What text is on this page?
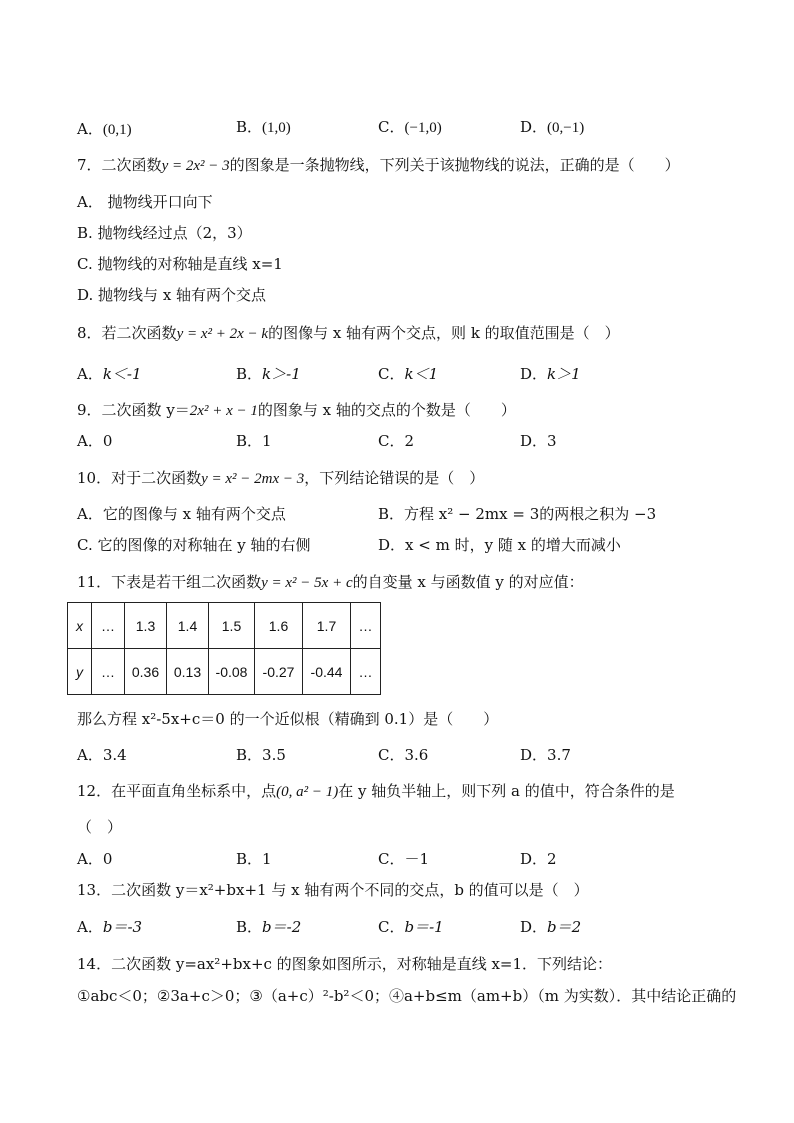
A．(0,1)	B．(1,0)	C．(−1,0)	D．(0,−1)
7．二次函数y = 2x² − 3的图象是一条抛物线，下列关于该抛物线的说法，正确的是（　　）
A． 抛物线开口向下
B. 抛物线经过点（2，3）
C. 抛物线的对称轴是直线 x=1
D. 抛物线与 x 轴有两个交点
8．若二次函数y = x² + 2x − k的图像与 x 轴有两个交点，则 k 的取值范围是（　）
A．k＜-1	B．k＞-1	C．k＜1	D．k＞1
9．二次函数 y＝2x² + x − 1的图象与 x 轴的交点的个数是（　　）
A．0	B．1	C．2	D．3
10．对于二次函数y = x² − 2mx − 3，下列结论错误的是（　）
A．它的图像与 x 轴有两个交点	B．方程 x² − 2mx = 3的两根之积为 −3
C. 它的图像的对称轴在 y 轴的右侧	D．x < m 时，y 随 x 的增大而减小
11．下表是若干组二次函数y = x² − 5x + c的自变量 x 与函数值 y 的对应值：
x	…	1.3	1.4	1.5	1.6	1.7	…
y	…	0.36	0.13	-0.08	-0.27	-0.44	…
那么方程 x²-5x+c＝0 的一个近似根（精确到 0.1）是（　　）
A．3.4	B．3.5	C．3.6	D．3.7
12．在平面直角坐标系中，点(0, a² − 1)在 y 轴负半轴上，则下列 a 的值中，符合条件的是
（　）
A．0	B．1	C．－1	D．2
13．二次函数 y＝x²+bx+1 与 x 轴有两个不同的交点，b 的值可以是（　）
A．b＝-3	B．b＝-2	C．b＝-1	D．b＝2
14．二次函数 y=ax²+bx+c 的图象如图所示，对称轴是直线 x=1．下列结论：
①abc＜0；②3a+c＞0；③（a+c）²-b²＜0；④a+b≤m（am+b）（m 为实数）．其中结论正确的
